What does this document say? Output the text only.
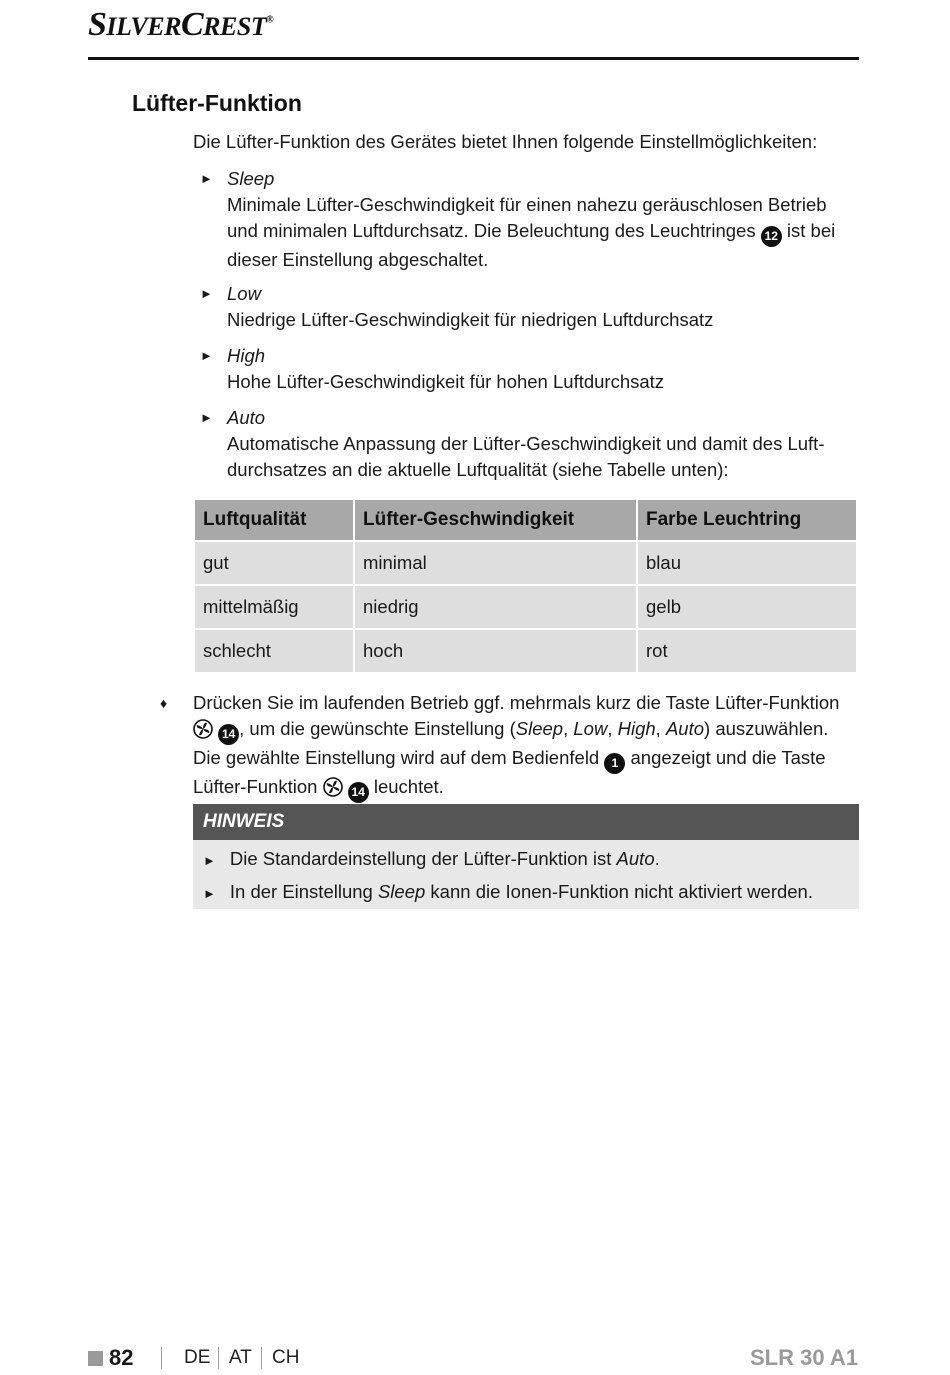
SILVERCREST®
Lüfter-Funktion
Die Lüfter-Funktion des Gerätes bietet Ihnen folgende Einstellmöglichkeiten:
► Sleep
Minimale Lüfter-Geschwindigkeit für einen nahezu geräuschlosen Betrieb und minimalen Luftdurchsatz. Die Beleuchtung des Leuchtringes 12 ist bei dieser Einstellung abgeschaltet.
► Low
Niedrige Lüfter-Geschwindigkeit für niedrigen Luftdurchsatz
► High
Hohe Lüfter-Geschwindigkeit für hohen Luftdurchsatz
► Auto
Automatische Anpassung der Lüfter-Geschwindigkeit und damit des Luft-durchsatzes an die aktuelle Luftqualität (siehe Tabelle unten):
Luftqualität	Lüfter-Geschwindigkeit	Farbe Leuchtring
gut	minimal	blau
mittelmäßig	niedrig	gelb
schlecht	hoch	rot
♦ Drücken Sie im laufenden Betrieb ggf. mehrmals kurz die Taste Lüfter-Funktion  14 , um die gewünschte Einstellung (Sleep, Low, High, Auto) auszuwählen. Die gewählte Einstellung wird auf dem Bedienfeld 1 angezeigt und die Taste Lüfter-Funktion  14 leuchtet.
HINWEIS
► Die Standardeinstellung der Lüfter-Funktion ist Auto.
► In der Einstellung Sleep kann die Ionen-Funktion nicht aktiviert werden.
82	DE AT CH	SLR 30 A1
